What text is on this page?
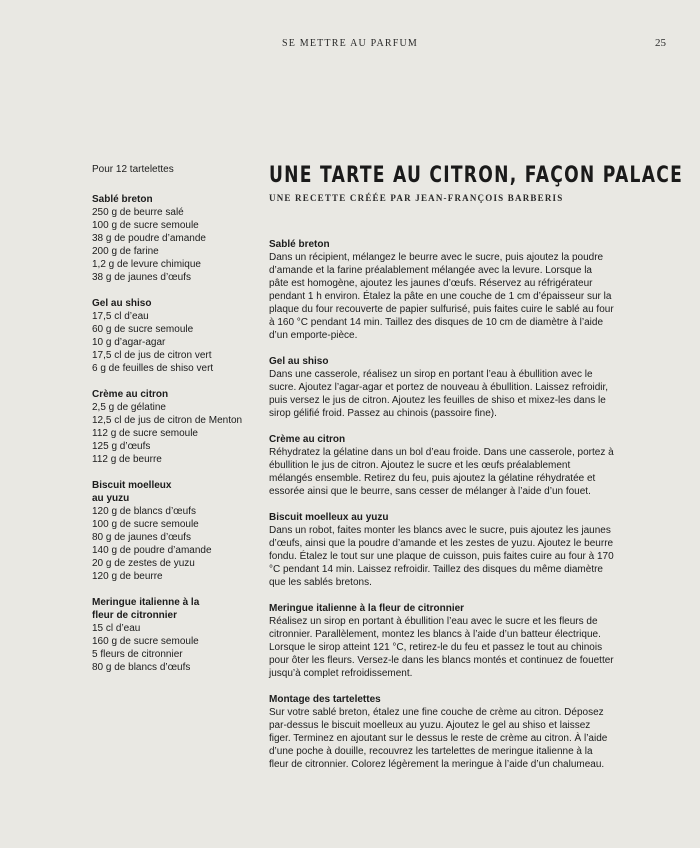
SE METTRE AU PARFUM	25
Pour 12 tartelettes
Sablé breton
250 g de beurre salé
100 g de sucre semoule
38 g de poudre d’amande
200 g de farine
1,2 g de levure chimique
38 g de jaunes d’œufs
Gel au shiso
17,5 cl d’eau
60 g de sucre semoule
10 g d’agar-agar
17,5 cl de jus de citron vert
6 g de feuilles de shiso vert
Crème au citron
2,5 g de gélatine
12,5 cl de jus de citron de Menton
112 g de sucre semoule
125 g d’œufs
112 g de beurre
Biscuit moelleux au yuzu
120 g de blancs d’œufs
100 g de sucre semoule
80 g de jaunes d’œufs
140 g de poudre d’amande
20 g de zestes de yuzu
120 g de beurre
Meringue italienne à la fleur de citronnier
15 cl d’eau
160 g de sucre semoule
5 fleurs de citronnier
80 g de blancs d’œufs
UNE TARTE AU CITRON, FAÇON PALACE
UNE RECETTE CRÉÉE PAR JEAN-FRANÇOIS BARBERIS
Sablé breton

Dans un récipient, mélangez le beurre avec le sucre, puis ajoutez la poudre d’amande et la farine préalablement mélangée avec la levure. Lorsque la pâte est homogène, ajoutez les jaunes d’œufs. Réservez au réfrigérateur pendant 1 h environ. Étalez la pâte en une couche de 1 cm d’épaisseur sur la plaque du four recouverte de papier sulfurisé, puis faites cuire le sablé au four à 160 °C pendant 14 min. Taillez des disques de 10 cm de diamètre à l’aide d’un emporte-pièce.

Gel au shiso

Dans une casserole, réalisez un sirop en portant l’eau à ébullition avec le sucre. Ajoutez l’agar-agar et portez de nouveau à ébullition. Laissez refroidir, puis versez le jus de citron. Ajoutez les feuilles de shiso et mixez-les dans le sirop gélifié froid. Passez au chinois (passoire fine).

Crème au citron

Réhydratez la gélatine dans un bol d’eau froide. Dans une casserole, portez à ébullition le jus de citron. Ajoutez le sucre et les œufs préalablement mélangés ensemble. Retirez du feu, puis ajoutez la gélatine réhydratée et essorée ainsi que le beurre, sans cesser de mélanger à l’aide d’un fouet.

Biscuit moelleux au yuzu

Dans un robot, faites monter les blancs avec le sucre, puis ajoutez les jaunes d’œufs, ainsi que la poudre d’amande et les zestes de yuzu. Ajoutez le beurre fondu. Étalez le tout sur une plaque de cuisson, puis faites cuire au four à 170 °C pendant 14 min. Laissez refroidir. Taillez des disques du même diamètre que les sablés bretons.

Meringue italienne à la fleur de citronnier

Réalisez un sirop en portant à ébullition l’eau avec le sucre et les fleurs de citronnier. Parallèlement, montez les blancs à l’aide d’un batteur électrique. Lorsque le sirop atteint 121 °C, retirez-le du feu et passez le tout au chinois pour ôter les fleurs. Versez-le dans les blancs montés et continuez de fouetter jusqu’à complet refroidissement.

Montage des tartelettes

Sur votre sablé breton, étalez une fine couche de crème au citron. Déposez par-dessus le biscuit moelleux au yuzu. Ajoutez le gel au shiso et laissez figer. Terminez en ajoutant sur le dessus le reste de crème au citron. À l’aide d’une poche à douille, recouvrez les tartelettes de meringue italienne à la fleur de citronnier. Colorez légèrement la meringue à l’aide d’un chalumeau.
